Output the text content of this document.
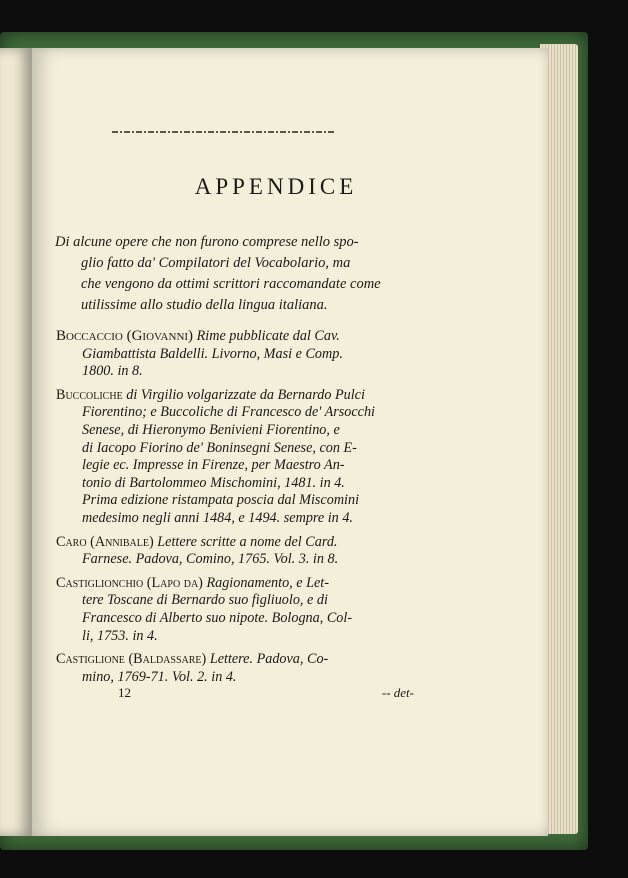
APPENDICE

Di alcune opere che non furono comprese nello spo-

glio fatto da' Compilatori del Vocabolario, ma

che vengono da ottimi scrittori raccomandate come

utilissime allo studio della lingua italiana.

Boccaccio (Giovanni) Rime pubblicate dal Cav.
Giambattista Baldelli. Livorno, Masi e Comp.
1800. in 8.
Buccoliche di Virgilio volgarizzate da Bernardo Pulci
Fiorentino; e Buccoliche di Francesco de' Arsocchi
Senese, di Hieronymo Benivieni Fiorentino, e
di Iacopo Fiorino de' Boninsegni Senese, con E-
legie ec. Impresse in Firenze, per Maestro An-
tonio di Bartolommeo Mischomini, 1481. in 4.
Prima edizione ristampata poscia dal Miscomini
medesimo negli anni 1484, e 1494. sempre in 4.
Caro (Annibale) Lettere scritte a nome del Card.
Farnese. Padova, Comino, 1765. Vol. 3. in 8.
Castiglionchio (Lapo da) Ragionamento, e Let-
tere Toscane di Bernardo suo figliuolo, e di
Francesco di Alberto suo nipote. Bologna, Col-
li, 1753. in 4.
Castiglione (Baldassare) Lettere. Padova, Co-
mino, 1769-71. Vol. 2. in 4.
12	-- det-
